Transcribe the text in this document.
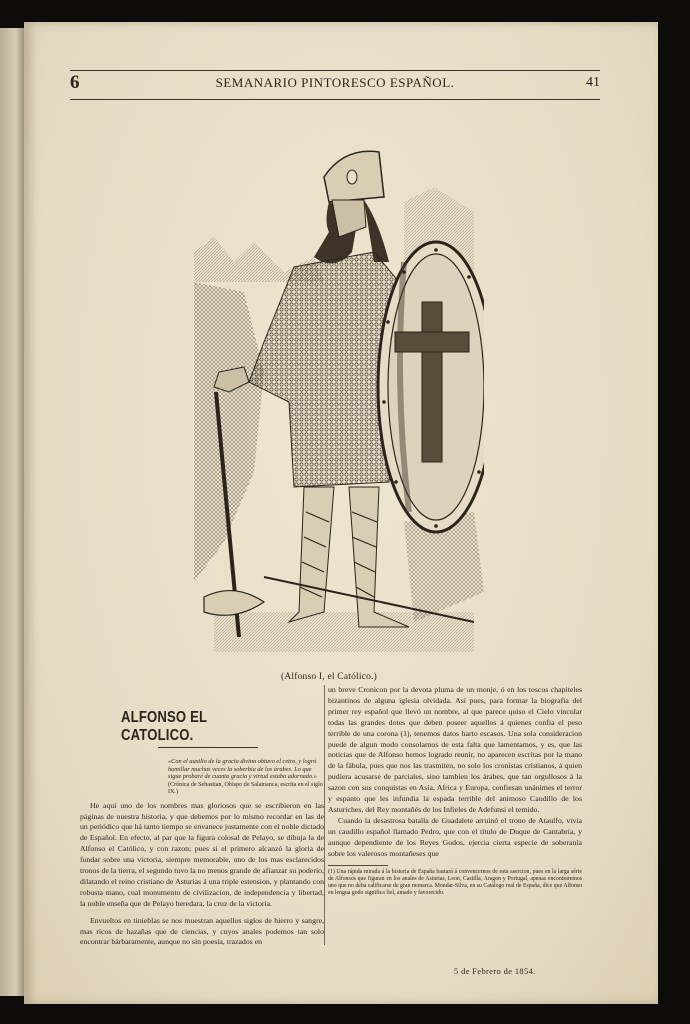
6	SEMANARIO PINTORESCO ESPAÑOL.	41
(Alfonso I, el Católico.)
ALFONSO EL CATOLICO.
«Con el auxilio de la gracia divina obtuvo el cetro, y logró humillar muchas veces la soberbia de los árabes. Lo que sigue probaré de cuanta gracia y virtud estaba adornado.»
(Crónica de Sebastian, Obispo de Salamanca, escrita en el siglo IX.)

He aquí uno de los nombres mas gloriosos que se escribieron en las páginas de nuestra historia, y que debemos por lo mismo recordar en las de un periódico que há tanto tiempo se envanece justamente con el noble dictado de Español. En efecto, al par que la figura colosal de Pelayo, se dibuja la de Alfonso el Católico, y con razon; pues si el primero alcanzó la gloria de fundar sobre una victoria, siempre memorable, uno de los mas esclarecidos tronos de la tierra, el segundo tuvo la no menos grande de afianzar su poderío, dilatando el reino cristiano de Asturias á una triple estension, y plantando con robusta mano, cual monumento de civilizacion, de independencia y libertad, la noble enseña que de Pelayo heredara, la cruz de la victoria.

Envueltos en tinieblas se nos muestran aquellos siglos de hierro y sangre, mas ricos de hazañas que de ciencias, y cuyos anales podemos tan solo encontrar bárbaramente, aunque no sin poesía, trazados en

un breve Cronicon por la devota pluma de un monje, ó en los toscos chapiteles bizantinos de alguna iglesia olvidada. Así pues, para formar la biografía del primer rey español que llevó un nombre, al que parece quiso el Cielo vincular todas las grandes dotes que deben poseer aquellos á quienes confia el peso terrible de una corona (1), tenemos datos harto escasos. Una sola consideracion puede de algun modo consolarnos de esta falta que lamentamos, y es, que las noticias que de Alfonso hemos logrado reunir, no aparecen escritas por la mano de la fábula, pues que nos las trasmiten, no solo los cronistas cristianos, á quien pudiera acusarse de parciales, sino tambien los árabes, que tan orgullosos á la sazon con sus conquistas en Asia, Africa y Europa, confiesan unánimes el terror y espanto que les infundia la espada terrible del animoso Caudillo de los Asturiches, del Rey montañés de los Infieles de Adefunsi el temido.

Cuando la desastrosa batalla de Guadalete arruinó el trono de Ataulfo, vivia un caudillo español llamado Pedro, que con el título de Duque de Cantabria, y aunque dependiente de los Reyes Godos, ejercia cierta especie de soberanía sobre los valerosos montañeses que

(1) Una rápida mirada á la historia de España bastará á convencernos de esta asercion, pues en la larga série de Alfonsos que figuran en los anales de Asturias, Leon, Castilla, Aragon y Portugal, apenas encontraremos uno que no deba calificarse de gran monarca. Mondar-Silva, en su Catálogo real de España, dice que Alfonso en lengua godo significa fiel, amado y favorecido.
5 de Febrero de 1854.
